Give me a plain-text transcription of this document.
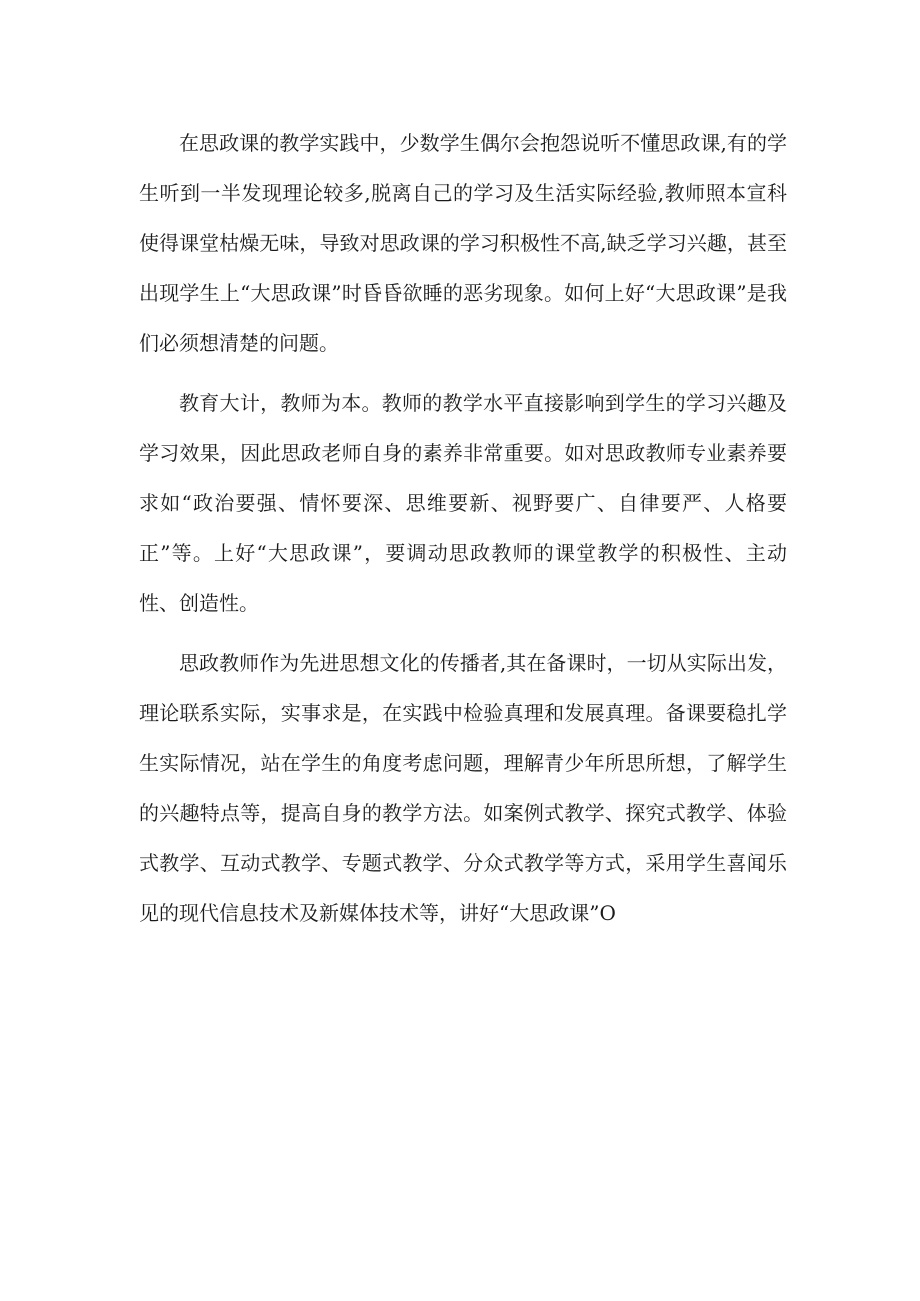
在思政课的教学实践中，少数学生偶尔会抱怨说听不懂思政课,有的学生听到一半发现理论较多,脱离自己的学习及生活实际经验,教师照本宣科使得课堂枯燥无味，导致对思政课的学习积极性不高,缺乏学习兴趣，甚至出现学生上“大思政课”时昏昏欲睡的恶劣现象。如何上好“大思政课”是我们必须想清楚的问题。

教育大计，教师为本。教师的教学水平直接影响到学生的学习兴趣及学习效果，因此思政老师自身的素养非常重要。如对思政教师专业素养要求如“政治要强、情怀要深、思维要新、视野要广、自律要严、人格要正”等。上好“大思政课”，要调动思政教师的课堂教学的积极性、主动性、创造性。

思政教师作为先进思想文化的传播者,其在备课时，一切从实际出发，理论联系实际，实事求是，在实践中检验真理和发展真理。备课要稳扎学生实际情况，站在学生的角度考虑问题，理解青少年所思所想，了解学生的兴趣特点等，提高自身的教学方法。如案例式教学、探究式教学、体验式教学、互动式教学、专题式教学、分众式教学等方式，采用学生喜闻乐见的现代信息技术及新媒体技术等，讲好“大思政课”O
